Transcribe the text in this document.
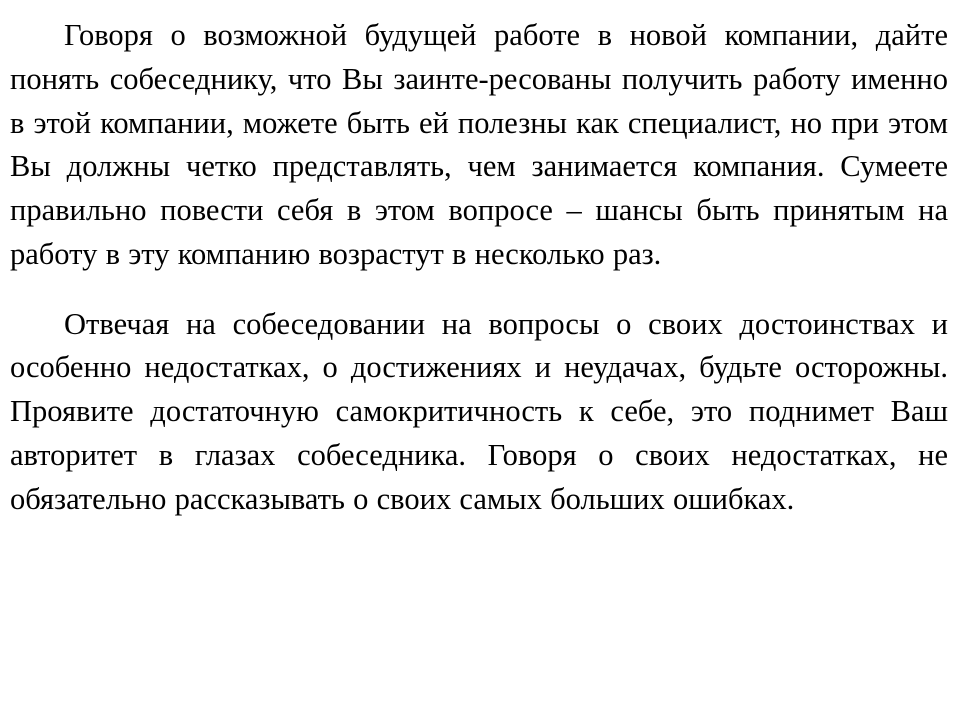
Говоря о возможной будущей работе в новой компании, дайте понять собеседнику, что Вы заинте-ресованы получить работу именно в этой компании, можете быть ей полезны как специалист, но при этом Вы должны четко представлять, чем занимается компания. Сумеете правильно повести себя в этом вопросе – шансы быть принятым на работу в эту компанию возрастут в несколько раз.

Отвечая на собеседовании на вопросы о своих достоинствах и особенно недостатках, о достижениях и неудачах, будьте осторожны. Проявите достаточную самокритичность к себе, это поднимет Ваш авторитет в глазах собеседника. Говоря о своих недостатках, не обязательно рассказывать о своих самых больших ошибках.
